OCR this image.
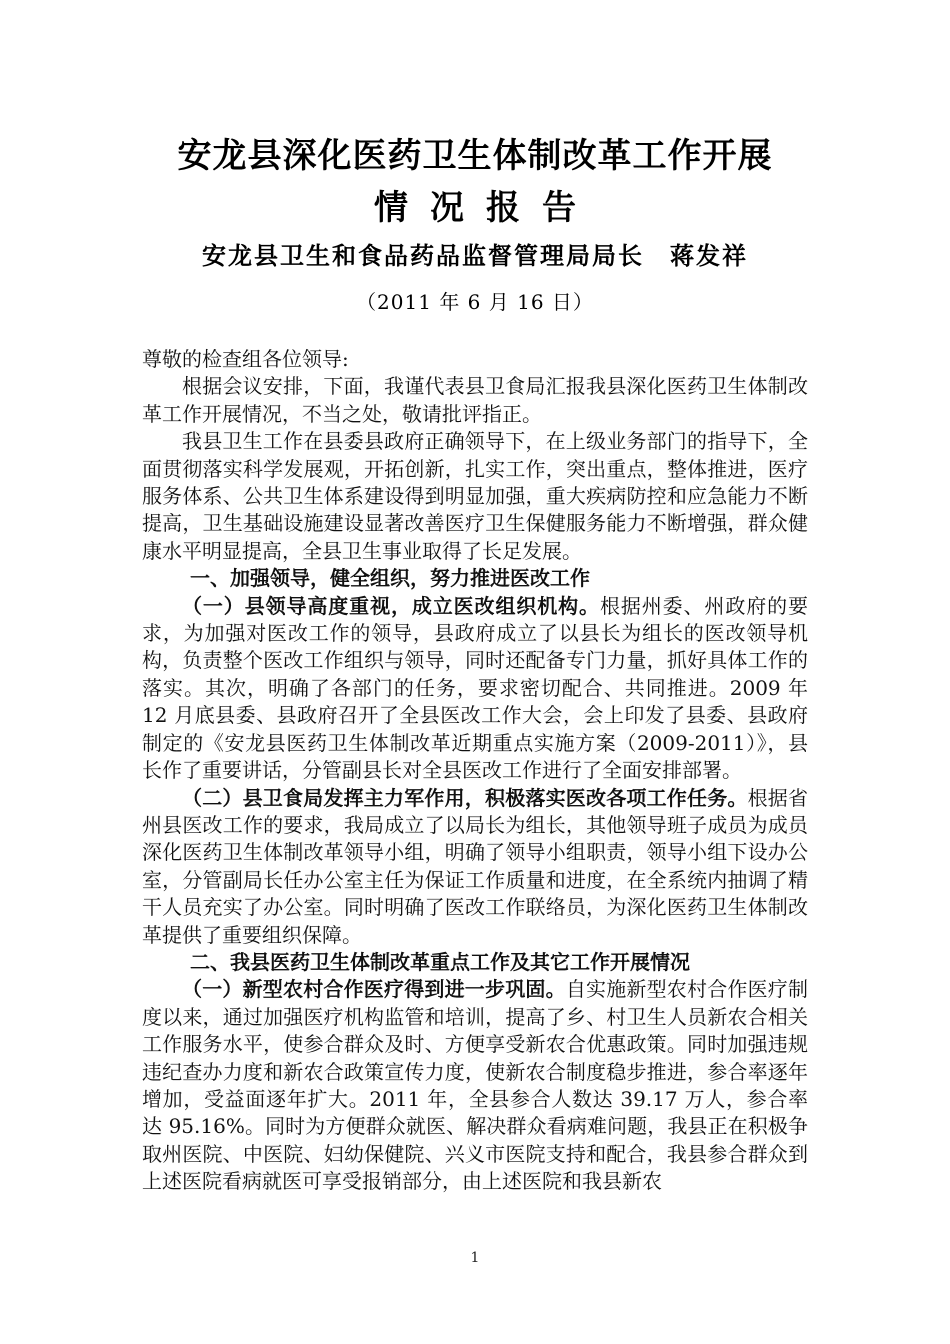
安龙县深化医药卫生体制改革工作开展
情况报告
安龙县卫生和食品药品监督管理局局长　蒋发祥
（2011 年 6 月 16 日）

尊敬的检查组各位领导:

根据会议安排，下面，我谨代表县卫食局汇报我县深化医药卫生体制改革工作开展情况，不当之处，敬请批评指正。

我县卫生工作在县委县政府正确领导下，在上级业务部门的指导下，全面贯彻落实科学发展观，开拓创新，扎实工作，突出重点，整体推进，医疗服务体系、公共卫生体系建设得到明显加强，重大疾病防控和应急能力不断提高，卫生基础设施建设显著改善医疗卫生保健服务能力不断增强，群众健康水平明显提高，全县卫生事业取得了长足发展。

一、加强领导，健全组织，努力推进医改工作

（一）县领导高度重视，成立医改组织机构。根据州委、州政府的要求，为加强对医改工作的领导，县政府成立了以县长为组长的医改领导机构，负责整个医改工作组织与领导，同时还配备专门力量，抓好具体工作的落实。其次，明确了各部门的任务，要求密切配合、共同推进。2009 年 12 月底县委、县政府召开了全县医改工作大会，会上印发了县委、县政府制定的《安龙县医药卫生体制改革近期重点实施方案（2009-2011）》，县长作了重要讲话，分管副县长对全县医改工作进行了全面安排部署。

（二）县卫食局发挥主力军作用，积极落实医改各项工作任务。根据省州县医改工作的要求，我局成立了以局长为组长，其他领导班子成员为成员深化医药卫生体制改革领导小组，明确了领导小组职责，领导小组下设办公室，分管副局长任办公室主任为保证工作质量和进度，在全系统内抽调了精干人员充实了办公室。同时明确了医改工作联络员，为深化医药卫生体制改革提供了重要组织保障。

二、我县医药卫生体制改革重点工作及其它工作开展情况

（一）新型农村合作医疗得到进一步巩固。自实施新型农村合作医疗制度以来，通过加强医疗机构监管和培训，提高了乡、村卫生人员新农合相关工作服务水平，使参合群众及时、方便享受新农合优惠政策。同时加强违规违纪查办力度和新农合政策宣传力度，使新农合制度稳步推进，参合率逐年增加，受益面逐年扩大。2011 年，全县参合人数达 39.17 万人，参合率达 95.16%。同时为方便群众就医、解决群众看病难问题，我县正在积极争取州医院、中医院、妇幼保健院、兴义市医院支持和配合，我县参合群众到上述医院看病就医可享受报销部分，由上述医院和我县新农

1
